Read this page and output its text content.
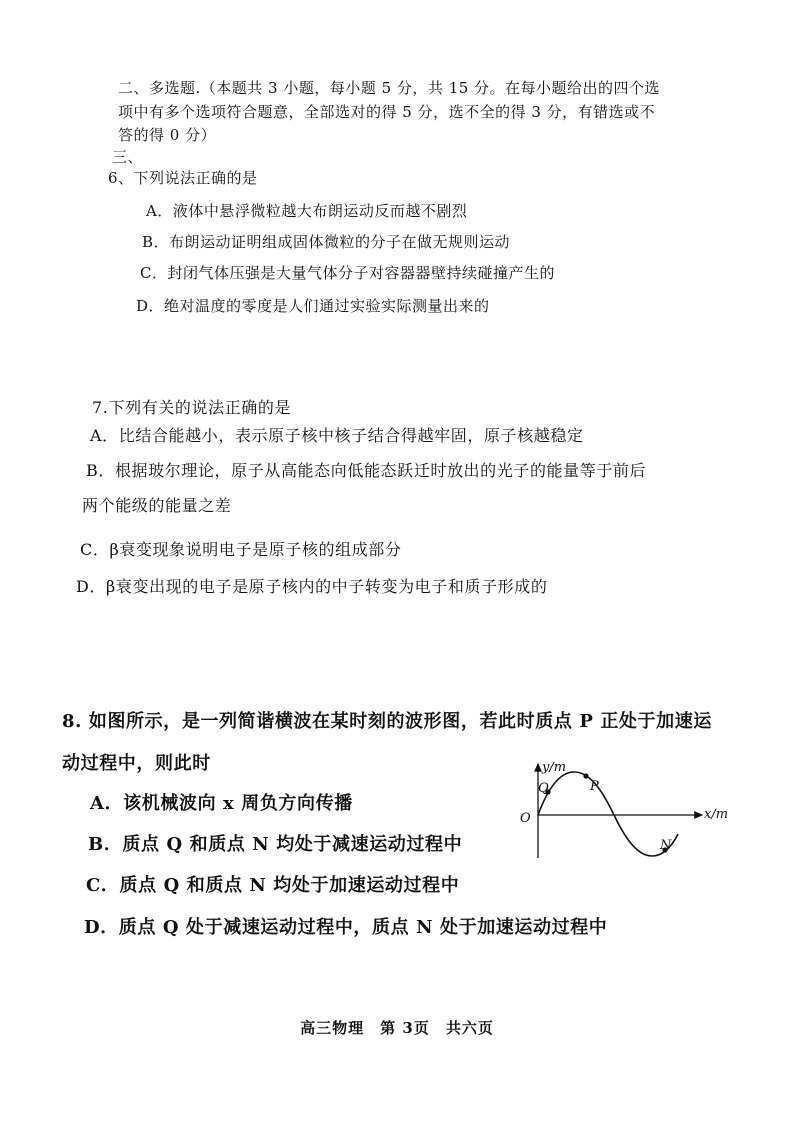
二、多选题.（本题共 3 小题，每小题 5 分，共 15 分。在每小题给出的四个选
项中有多个选项符合题意，全部选对的得 5 分，选不全的得 3 分，有错选或不
答的得 0 分）
三、
6、下列说法正确的是
A．液体中悬浮微粒越大布朗运动反而越不剧烈
B．布朗运动证明组成固体微粒的分子在做无规则运动
C．封闭气体压强是大量气体分子对容器器壁持续碰撞产生的
D．绝对温度的零度是人们通过实验实际测量出来的
7.下列有关的说法正确的是
A．比结合能越小，表示原子核中核子结合得越牢固，原子核越稳定
B．根据玻尔理论，原子从高能态向低能态跃迁时放出的光子的能量等于前后
两个能级的能量之差
C．β衰变现象说明电子是原子核的组成部分
D．β衰变出现的电子是原子核内的中子转变为电子和质子形成的
8. 如图所示，是一列简谐横波在某时刻的波形图，若此时质点 P 正处于加速运
动过程中，则此时
A．该机械波向 x 周负方向传播
B．质点 Q 和质点 N 均处于减速运动过程中
C．质点 Q 和质点 N 均处于加速运动过程中
D．质点 Q 处于减速运动过程中，质点 N 处于加速运动过程中
y/m
x/m
O
Q	P
N
高三物理　第 3页　共六页
